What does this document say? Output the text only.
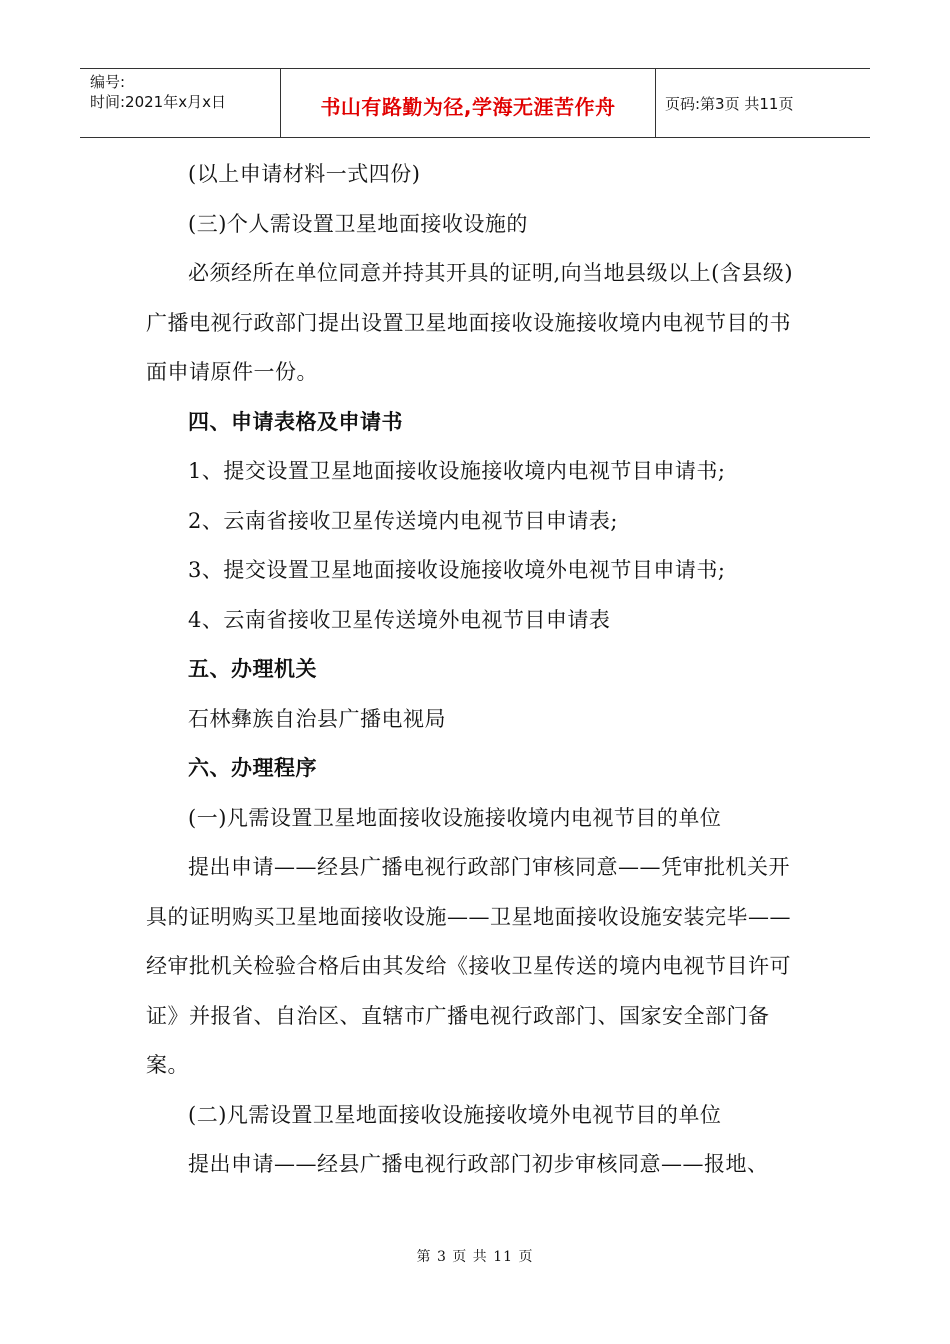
编号:
时间:2021年x月x日	书山有路勤为径,学海无涯苦作舟	页码:第3页 共11页

(以上申请材料一式四份)

(三)个人需设置卫星地面接收设施的

必须经所在单位同意并持其开具的证明,向当地县级以上(含县级)广播电视行政部门提出设置卫星地面接收设施接收境内电视节目的书面申请原件一份。

四、申请表格及申请书

1、提交设置卫星地面接收设施接收境内电视节目申请书;

2、云南省接收卫星传送境内电视节目申请表;

3、提交设置卫星地面接收设施接收境外电视节目申请书;

4、云南省接收卫星传送境外电视节目申请表

五、办理机关

石林彝族自治县广播电视局

六、办理程序

(一)凡需设置卫星地面接收设施接收境内电视节目的单位

提出申请——经县广播电视行政部门审核同意——凭审批机关开具的证明购买卫星地面接收设施——卫星地面接收设施安装完毕——经审批机关检验合格后由其发给《接收卫星传送的境内电视节目许可证》并报省、自治区、直辖市广播电视行政部门、国家安全部门备案。

(二)凡需设置卫星地面接收设施接收境外电视节目的单位

提出申请——经县广播电视行政部门初步审核同意——报地、

第 3 页 共 11 页
